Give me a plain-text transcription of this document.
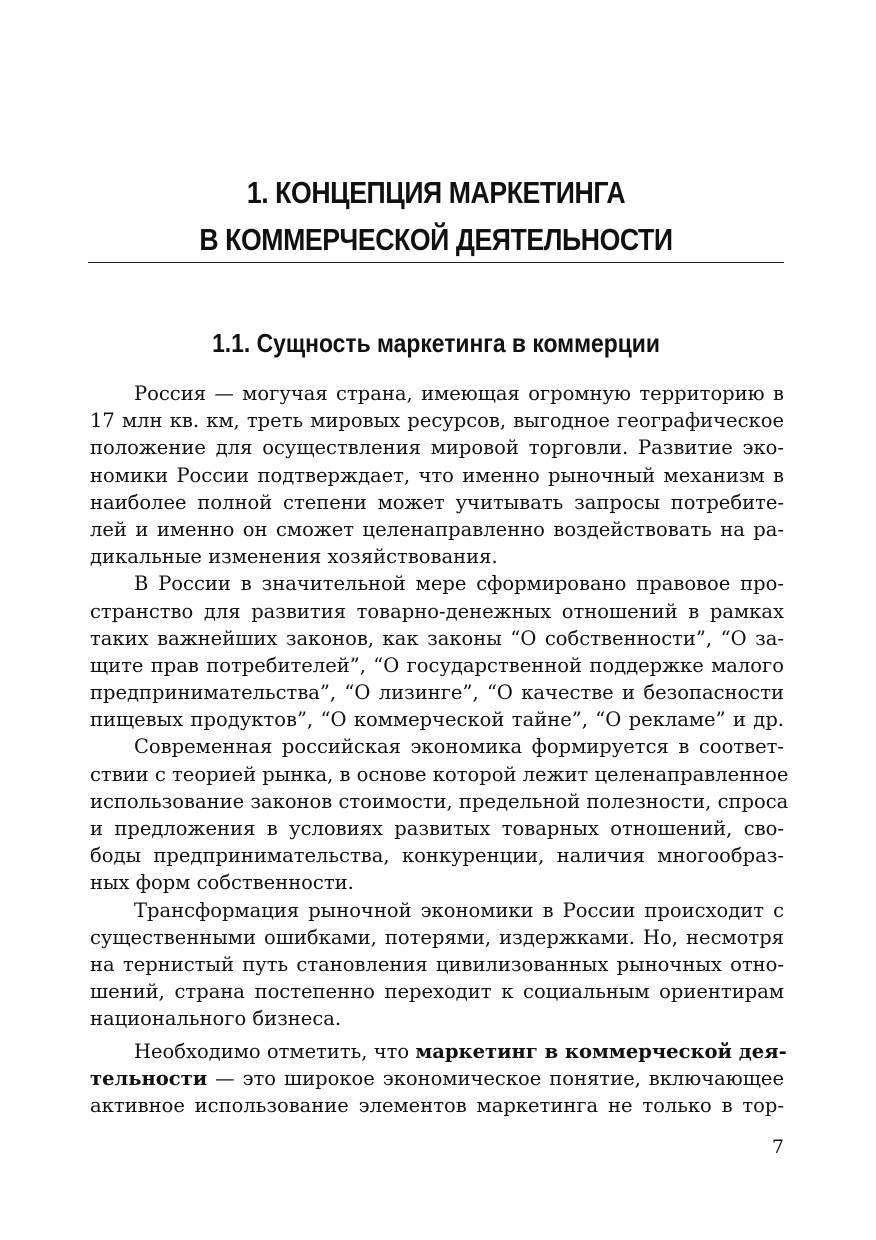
1. КОНЦЕПЦИЯ МАРКЕТИНГА
В КОММЕРЧЕСКОЙ ДЕЯТЕЛЬНОСТИ
1.1. Сущность маркетинга в коммерции
Россия — могучая страна, имеющая огромную территорию в
17 млн кв. км, треть мировых ресурсов, выгодное географическое
положение для осуществления мировой торговли. Развитие эко-
номики России подтверждает, что именно рыночный механизм в
наиболее полной степени может учитывать запросы потребите-
лей и именно он сможет целенаправленно воздействовать на ра-
дикальные изменения хозяйствования.
В России в значительной мере сформировано правовое про-
странство для развития товарно-денежных отношений в рамках
таких важнейших законов, как законы “О собственности”, “О за-
щите прав потребителей”, “О государственной поддержке малого
предпринимательства”, “О лизинге”, “О качестве и безопасности
пищевых продуктов”, “О коммерческой тайне”, “О рекламе” и др.
Современная российская экономика формируется в соответ-
ствии с теорией рынка, в основе которой лежит целенаправленное
использование законов стоимости, предельной полезности, спроса
и предложения в условиях развитых товарных отношений, сво-
боды предпринимательства, конкуренции, наличия многообраз-
ных форм собственности.
Трансформация рыночной экономики в России происходит с
существенными ошибками, потерями, издержками. Но, несмотря
на тернистый путь становления цивилизованных рыночных отно-
шений, страна постепенно переходит к социальным ориентирам
национального бизнеса.
Необходимо отметить, что маркетинг в коммерческой дея-
тельности — это широкое экономическое понятие, включающее
активное использование элементов маркетинга не только в тор-
7
